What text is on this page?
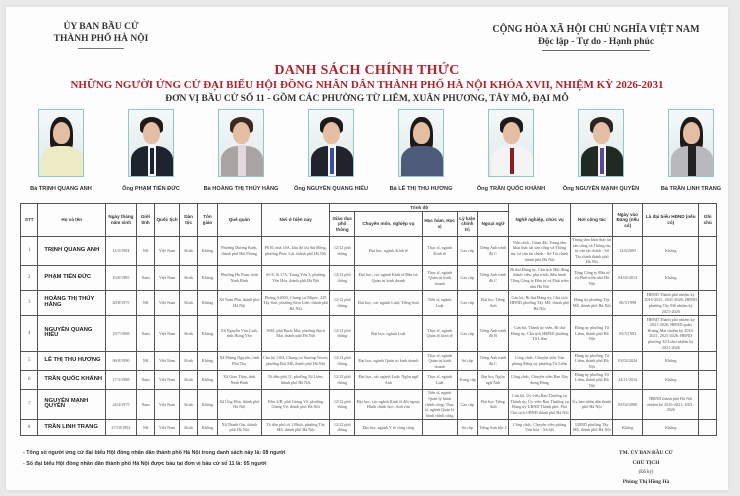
ỦY BAN BẦU CỬ
THÀNH PHỐ HÀ NỘI
CỘNG HÒA XÃ HỘI CHỦ NGHĨA VIỆT NAM
Độc lập - Tự do - Hạnh phúc
DANH SÁCH CHÍNH THỨC
NHỮNG NGƯỜI ỨNG CỬ ĐẠI BIỂU HỘI ĐỒNG NHÂN DÂN THÀNH PHỐ HÀ NỘI KHÓA XVII, NHIỆM KỲ 2026-2031
ĐƠN VỊ BẦU CỬ SỐ 11 - GỒM CÁC PHƯỜNG TỪ LIÊM, XUÂN PHƯƠNG, TÂY MỖ, ĐẠI MỖ
Bà TRỊNH QUANG ANH	Ông PHẠM TIẾN ĐỨC	Bà HOÀNG THỊ THÚY HẰNG	Ông NGUYỄN QUANG HIẾU	Bà LÊ THỊ THU HƯƠNG	Ông TRẦN QUỐC KHÁNH	Ông NGUYỄN MẠNH QUYỀN	Bà TRẦN LINH TRANG
STT	Họ và tên	Ngày tháng năm sinh	Giới tính	Quốc tịch	Dân tộc	Tôn giáo	Quê quán	Nơi ở hiện nay	Trình độ					Nghề nghiệp, chức vụ	Nơi công tác	Ngày vào Đảng (nếu có)	Là đại biểu HĐND (nếu có)	Ghi chú
									Giáo dục phổ thông	Chuyên môn, nghiệp vụ	Học hàm, Học vị	Lý luận chính trị	Ngoại ngữ					
1	TRỊNH QUANG ANH	12/3/1984	Nữ	Việt Nam	Kinh	Không	Phường Dương Kinh, thành phố Hải Phòng	P610, nhà 10A, khu đô thị Sài Đồng, phường Phúc Lợi, thành phố Hà Nội	12/12 phổ thông	Đại học, ngành Kinh tế	Thạc sĩ, ngành Kinh tế	Cao cấp	Tiếng Anh trình độ C	Viên chức, Giám đốc Trung tâm khai thác tài sản công và Thông tin, tư vấn tài chính - Sở Tài chính thành phố Hà Nội	Trung tâm khai thác tài sản công và Thông tin, tư vấn tài chính - Sở Tài chính thành phố Hà Nội	12/6/2005	Không	
2	PHẠM TIẾN ĐỨC	10/6/1985	Nam	Việt Nam	Kinh	Không	Phường Hà Nam, tỉnh Ninh Bình	Số 8, lô 17A, Trung Yên 3, phường Yên Hòa, thành phố Hà Nội	12/12 phổ thông	Đại học, các ngành Kinh tế Đầu tư; Quản trị kinh doanh	Thạc sĩ, ngành Quản trị kinh doanh	Cao cấp	Tiếng Anh trình độ C	Bí thư Đảng ủy, Chủ tịch Hội đồng thành viên, phụ trách điều hành Tổng Công ty Đầu tư và Phát triển nhà Hà Nội	Tổng Công ty Đầu tư và Phát triển nhà Hà Nội	04/02/2013	Không	
3	HOÀNG THỊ THÚY HẰNG	20/8/1975	Nữ	Việt Nam	Kinh	Không	Xã Nam Phù, thành phố Hà Nội	Phòng A2003, Chung cư Mipec, 229 Tây Sơn, phường Kim Liên, thành phố Hà Nội	12/12 phổ thông	Đại học, các ngành Luật; Tiếng Anh	Tiến sĩ, ngành Luật	Cao cấp	Đại học Tiếng Anh	Cán bộ, Bí thư Đảng ủy, Chủ tịch HĐND phường Tây Mỗ, thành phố Hà Nội	Đảng ủy phường Tây Mỗ, thành phố Hà Nội	06/3/1998	HĐND Thành phố nhiệm kỳ 2016-2021, 2021-2026; HĐND phường Tây Mỗ nhiệm kỳ 2021-2026	
4	NGUYỄN QUANG HIẾU	19/7/1968	Nam	Việt Nam	Kinh	Không	Xã Nguyễn Văn Linh, tỉnh Hưng Yên	306C phố Bạch Mai, phường Bạch Mai, thành phố Hà Nội	12/12 phổ thông	Đại học, ngành Luật	Thạc sĩ, ngành Quản lý kinh tế	Cao cấp	Tiếng Anh trình độ B	Cán bộ, Thành ủy viên, Bí thư Đảng ủy, Chủ tịch HĐND phường Từ Liêm	Đảng ủy phường Từ Liêm, thành phố Hà Nội	03/3/1992	HĐND Thành phố nhiệm kỳ 2021-2026; HĐND quận Hoàng Mai nhiệm kỳ 2016-2021, 2021-2026; HĐND phường Từ Liêm nhiệm kỳ 2021-2026	
5	LÊ THỊ THU HƯƠNG	06/8/1990	Nữ	Việt Nam	Kinh	Không	Xã Phùng Nguyên, tỉnh Phú Thọ	Căn hộ 1104, Chung cư Startup Tower, phường Đại Mỗ, thành phố Hà Nội	12/12 phổ thông	Đại học, ngành Quản trị kinh doanh	Thạc sĩ, ngành Quản trị kinh doanh	Sơ cấp	Tiếng Anh trình độ C	Công chức, Chuyên viên Văn phòng Đảng ủy phường Từ Liêm	Đảng ủy phường Từ Liêm, thành phố Hà Nội	03/02/2024	Không	
6	TRẦN QUỐC KHÁNH	17/3/1988	Nam	Việt Nam	Kinh	Không	Xã Giao Thủy, tỉnh Ninh Bình	Tổ dân phố 11, phường Từ Liêm, thành phố Hà Nội	12/12 phổ thông	Đại học, các ngành Luật; Ngôn ngữ Anh	Thạc sĩ, ngành Luật	Trung cấp	Đại học Ngôn ngữ Anh	Công chức, Chuyên viên Ban Xây dựng Đảng	Đảng ủy phường Từ Liêm, thành phố Hà Nội	24/11/2014	Không	
7	NGUYỄN MẠNH QUYỀN	24/4/1975	Nam	Việt Nam	Kinh	Không	Xã Ứng Hòa, thành phố Hà Nội	Khu 2/B, phố Giảng Võ, phường Giảng Võ, thành phố Hà Nội	12/12 phổ thông	Đại học, các ngành Kinh tế đối ngoại; Hành chính học; Anh văn	Tiến sĩ, ngành Quản lý hành chính công; Thạc sĩ, ngành Quản lý hành chính công	Cao cấp	Đại học Tiếng Anh	Cán bộ, Ủy viên Ban Thường vụ Thành ủy, Ủy viên Ban Thường vụ Đảng ủy UBND Thành phố, Phó Chủ tịch UBND thành phố Hà Nội	Ủy ban nhân dân thành phố Hà Nội	03/02/2000	HĐND thành phố Hà Nội nhiệm kỳ 2016-2021, 2021-2026	
8	TRẦN LINH TRANG	27/10/1992	Nữ	Việt Nam	Kinh	Không	Xã Thanh Oai, thành phố Hà Nội	Tổ dân phố số 1 Đình, phường Tây Mỗ, thành phố Hà Nội	12/12 phổ thông	Đại học, ngành Y tế công cộng		Sơ cấp	Tiếng Anh bậc 2	Công chức, Chuyên viên phòng Văn hóa - Xã hội	UBND phường Tây Mỗ, thành phố Hà Nội	Không	Không	
- Tổng số người ứng cử đại biểu Hội đồng nhân dân thành phố Hà Nội trong danh sách này là: 08 người
- Số đại biểu Hội đồng nhân dân thành phố Hà Nội được bầu tại đơn vị bầu cử số 11 là: 05 người
TM. ỦY BAN BẦU CỬ
CHỦ TỊCH
(Đã ký)
Phùng Thị Hồng Hà
